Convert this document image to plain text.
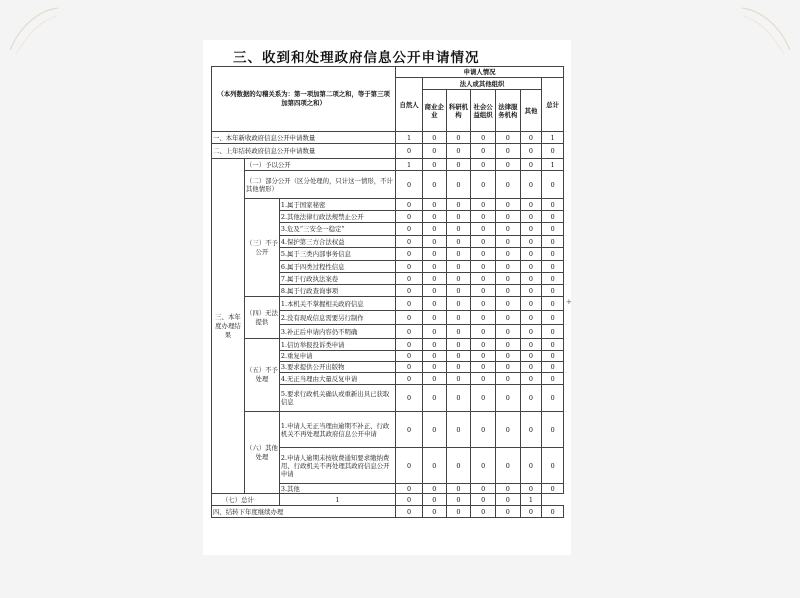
三、收到和处理政府信息公开申请情况
（本列数据的勾稽关系为：第一项加第二项之和，等于第三项加第四项之和）			申请人情况						
			自然人	法人或其他组织					总计
				商业企业	科研机构	社会公益组织	法律服务机构	其他	
一、本年新收政府信息公开申请数量			1	0	0	0	0	0	1
二、上年结转政府信息公开申请数量			0	0	0	0	0	0	0
三、本年度办理结果	（一）予以公开		1	0	0	0	0	0	1
	（二）部分公开（区分处理的，只计这一情形，不计其他情形）		0	0	0	0	0	0	0
	（三）不予公开	1.属于国家秘密	0	0	0	0	0	0	0
		2.其他法律行政法规禁止公开	0	0	0	0	0	0	0
		3.危及“三安全一稳定”	0	0	0	0	0	0	0
		4.保护第三方合法权益	0	0	0	0	0	0	0
		5.属于三类内部事务信息	0	0	0	0	0	0	0
		6.属于四类过程性信息	0	0	0	0	0	0	0
		7.属于行政执法案卷	0	0	0	0	0	0	0
		8.属于行政查询事项	0	0	0	0	0	0	0
	（四）无法提供	1.本机关不掌握相关政府信息	0	0	0	0	0	0	0
		2.没有现成信息需要另行制作	0	0	0	0	0	0	0
		3.补正后申请内容仍不明确	0	0	0	0	0	0	0
	（五）不予处理	1.信访举报投诉类申请	0	0	0	0	0	0	0
		2.重复申请	0	0	0	0	0	0	0
		3.要求提供公开出版物	0	0	0	0	0	0	0
		4.无正当理由大量反复申请	0	0	0	0	0	0	0
		5.要求行政机关确认或重新出具已获取信息	0	0	0	0	0	0	0
	（六）其他处理	1.申请人无正当理由逾期不补正、行政机关不再处理其政府信息公开申请	0	0	0	0	0	0	0
		2.申请人逾期未按收费通知要求缴纳费用、行政机关不再处理其政府信息公开申请	0	0	0	0	0	0	0
		3.其他	0	0	0	0	0	0	0
（七）总计		1	0	0	0	0	0	1	
四、结转下年度继续办理			0	0	0	0	0	0	0
+
